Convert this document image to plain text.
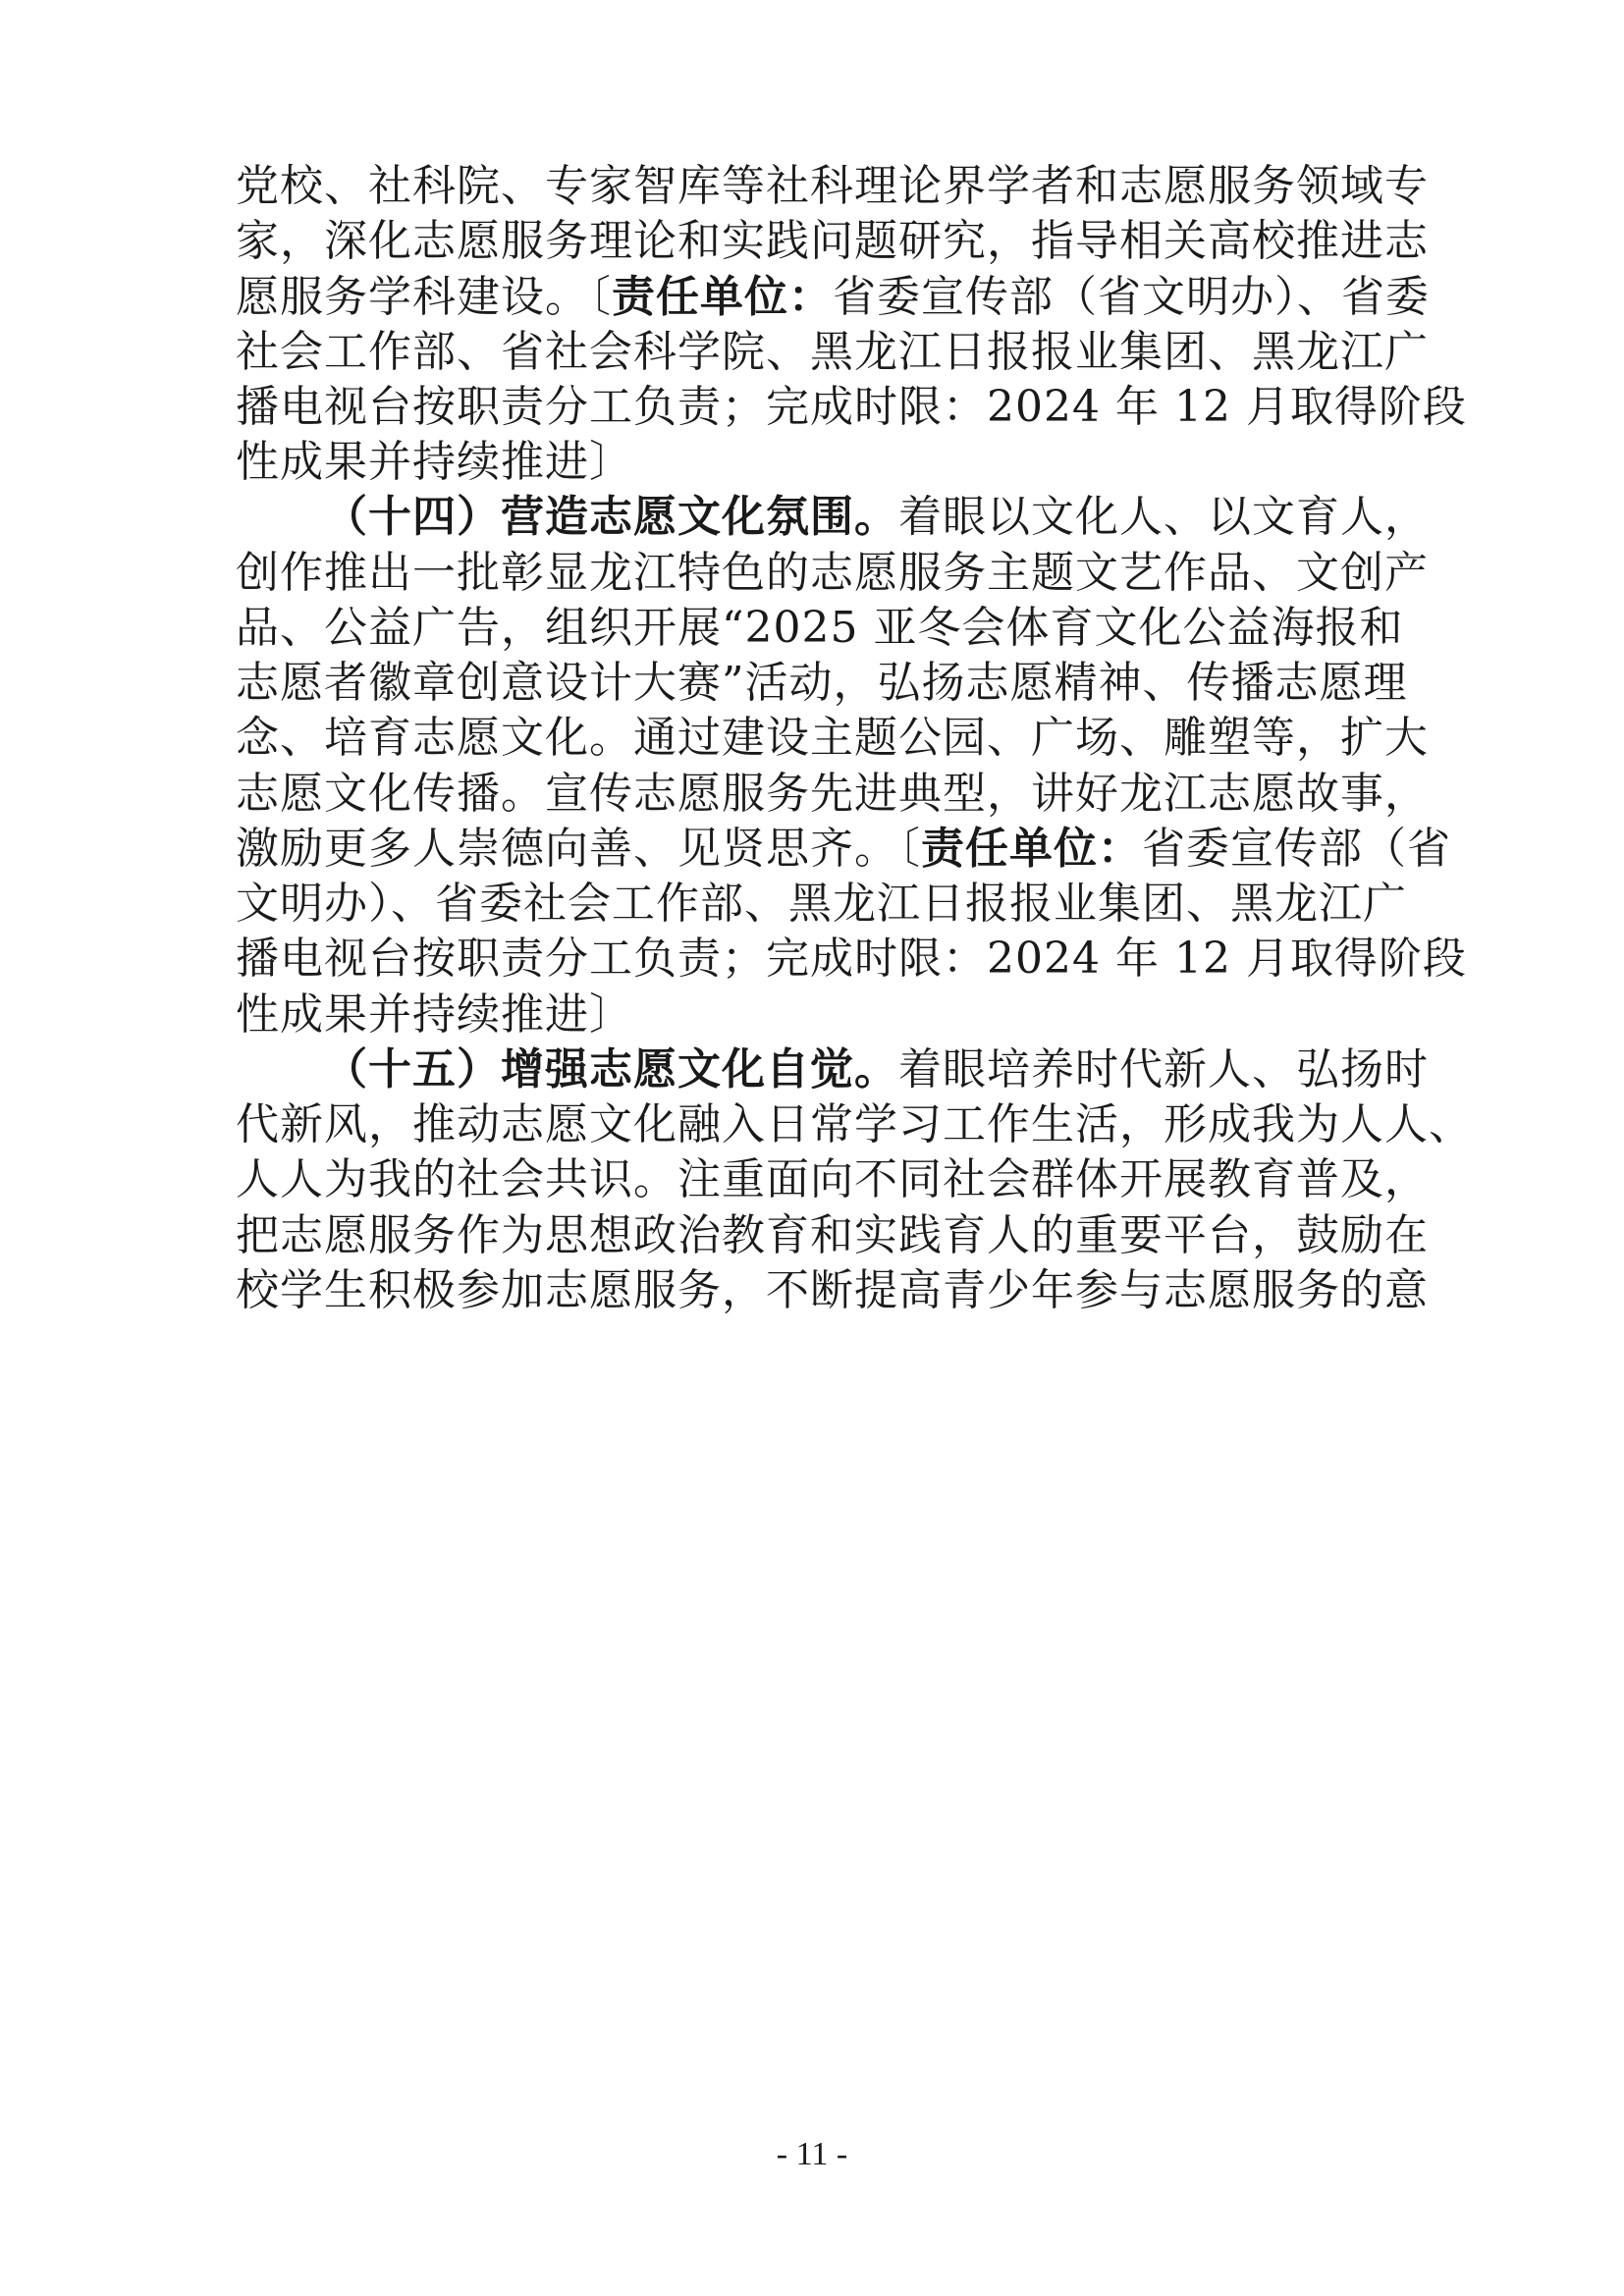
党校、社科院、专家智库等社科理论界学者和志愿服务领域专
家，深化志愿服务理论和实践问题研究，指导相关高校推进志
愿服务学科建设。〔责任单位：省委宣传部（省文明办）、省委
社会工作部、省社会科学院、黑龙江日报报业集团、黑龙江广
播电视台按职责分工负责；完成时限：2024 年 12 月取得阶段
性成果并持续推进〕
（十四）营造志愿文化氛围。着眼以文化人、以文育人，
创作推出一批彰显龙江特色的志愿服务主题文艺作品、文创产
品、公益广告，组织开展“2025 亚冬会体育文化公益海报和
志愿者徽章创意设计大赛”活动，弘扬志愿精神、传播志愿理
念、培育志愿文化。通过建设主题公园、广场、雕塑等，扩大
志愿文化传播。宣传志愿服务先进典型，讲好龙江志愿故事，
激励更多人崇德向善、见贤思齐。〔责任单位：省委宣传部（省
文明办）、省委社会工作部、黑龙江日报报业集团、黑龙江广
播电视台按职责分工负责；完成时限：2024 年 12 月取得阶段
性成果并持续推进〕
（十五）增强志愿文化自觉。着眼培养时代新人、弘扬时
代新风，推动志愿文化融入日常学习工作生活，形成我为人人、
人人为我的社会共识。注重面向不同社会群体开展教育普及，
把志愿服务作为思想政治教育和实践育人的重要平台，鼓励在
校学生积极参加志愿服务，不断提高青少年参与志愿服务的意
- 11 -
